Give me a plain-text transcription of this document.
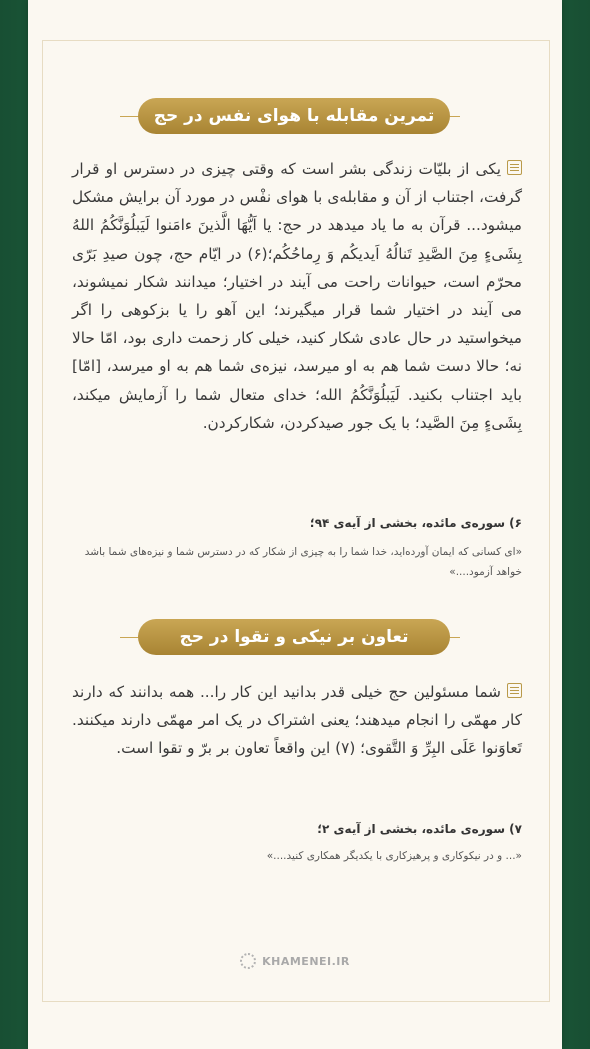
تمرین مقابله با هوای نفس در حج

یکی از بلیّات زندگی بشر است که وقتی چیزی در دسترس او قرار گرفت، اجتناب از آن و مقابله‌ی با هوای نفْس در مورد آن برایش مشکل میشود... قرآن به ما یاد میدهد در حج: یا اَیُّهَا الَّذینَ ءامَنوا لَیَبلُوَنَّکُمُ اللهُ بِشَیءٍ مِنَ الصَّیدِ تَنالُهُ اَیدیکُم وَ رِماحُکُم؛(۶) در ایّام حج، چون صیدِ بَرّی محرّم است، حیوانات راحت می آیند در اختیار؛ میدانند شکار نمیشوند، می آیند در اختیار شما قرار میگیرند؛ این آهو را یا بزکوهی را اگر میخواستید در حال عادی شکار کنید، خیلی کار زحمت داری بود، امّا حالا نه؛ حالا دست شما هم به او میرسد، نیزه‌ی شما هم به او میرسد، [امّا] باید اجتناب بکنید. لَیَبلُوَنَّکُمُ الله؛ خدای متعال شما را آزمایش میکند، بِشَیءٍ مِنَ الصَّید؛ با یک جور صیدکردن، شکارکردن.

۶) سوره‌ی مائده، بخشی از آیه‌ی ۹۴؛

«ای کسانی که ایمان آورده‌اید، خدا شما را به چیزی از شکار که در دسترس شما و نیزه‌های شما باشد خواهد آزمود....»

تعاون بر نیکی و تقوا در حج

شما مسئولین حج خیلی قدر بدانید این کار را... همه بدانند که دارند کار مهمّی را انجام میدهند؛ یعنی اشتراک در یک امر مهمّی دارند میکنند. تَعاوَنوا عَلَی البِرِّ وَ التَّقوی؛ (۷) این واقعاً تعاون بر برّ و تقوا است.

۷) سوره‌ی مائده، بخشی از آیه‌ی ۲؛

«... و در نیکوکاری و پرهیزکاری با یکدیگر همکاری کنید....»

KHAMENEI.IR
